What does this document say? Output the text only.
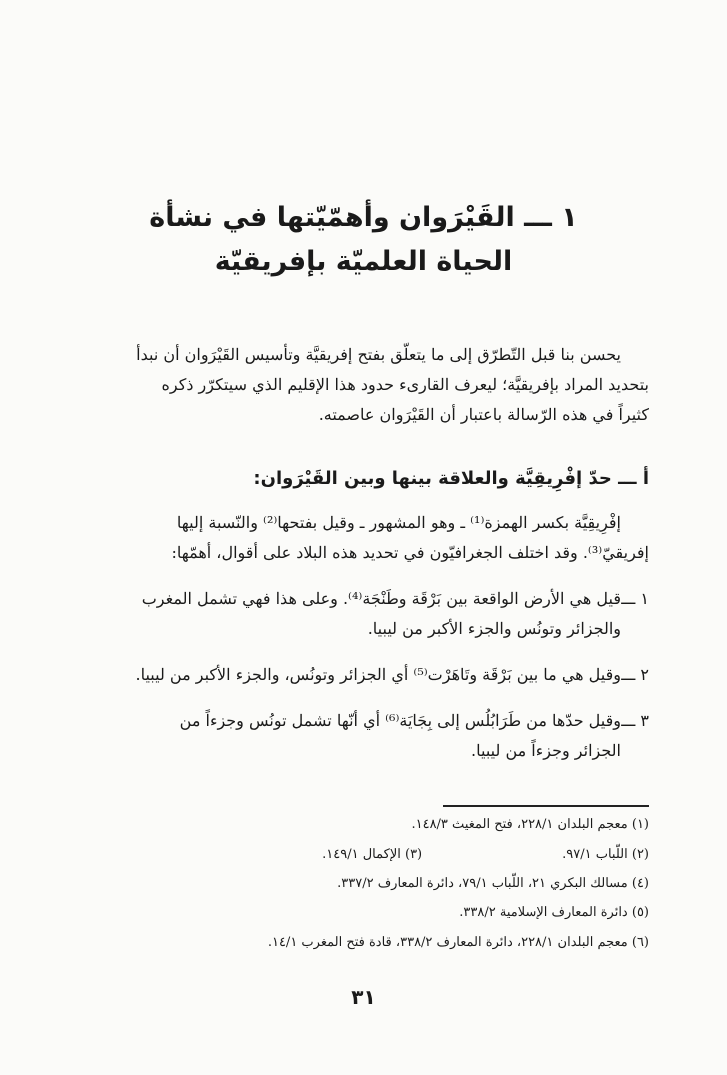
١ ـــ القَيْرَوان وأهمّيّتها في نشأة
الحياة العلميّة بإفريقيّة
يحسن بنا قبل التّطرّق إلى ما يتعلّق بفتح إفريقيَّة وتأسيس القَيْرَوان أن نبدأ
بتحديد المراد بإفريقيَّة؛ ليعرف القارىء حدود هذا الإقليم الذي سيتكرّر ذكره
كثيراً في هذه الرّسالة باعتبار أن القَيْرَوان عاصمته.
أ ـــ حدّ إفْرِيقِيَّة والعلاقة بينها وبين القَيْرَوان:
إفْرِيقِيَّة بكسر الهمزة⁽¹⁾ ـ وهو المشهور ـ وقيل بفتحها⁽²⁾ والنّسبة إليها
إفريقيّ⁽³⁾. وقد اختلف الجغرافيّون في تحديد هذه البلاد على أقوال، أهمّها:
١ ـــ
قيل هي الأرض الواقعة بين بَرْقَة وطَنْجَة⁽⁴⁾. وعلى هذا فهي تشمل المغرب
والجزائر وتونُس والجزء الأكبر من ليبيا.
٢ ـــ
وقيل هي ما بين بَرْقَة وتَاهَرْت⁽⁵⁾ أي الجزائر وتونُس، والجزء الأكبر من ليبيا.
٣ ـــ
وقيل حدّها من طَرَابُلُس إلى بِجَايَة⁽⁶⁾ أي أنّها تشمل تونُس وجزءاً من
الجزائر وجزءاً من ليبيا.
(١) معجم البلدان ٢٢٨/١، فتح المغيث ١٤٨/٣.
(٢) اللّباب ٩٧/١.(٣) الإكمال ١٤٩/١.
(٤) مسالك البكري ٢١، اللّباب ٧٩/١، دائرة المعارف ٣٣٧/٢.
(٥) دائرة المعارف الإسلامية ٣٣٨/٢.
(٦) معجم البلدان ٢٢٨/١، دائرة المعارف ٣٣٨/٢، قادة فتح المغرب ١٤/١.
٣١
